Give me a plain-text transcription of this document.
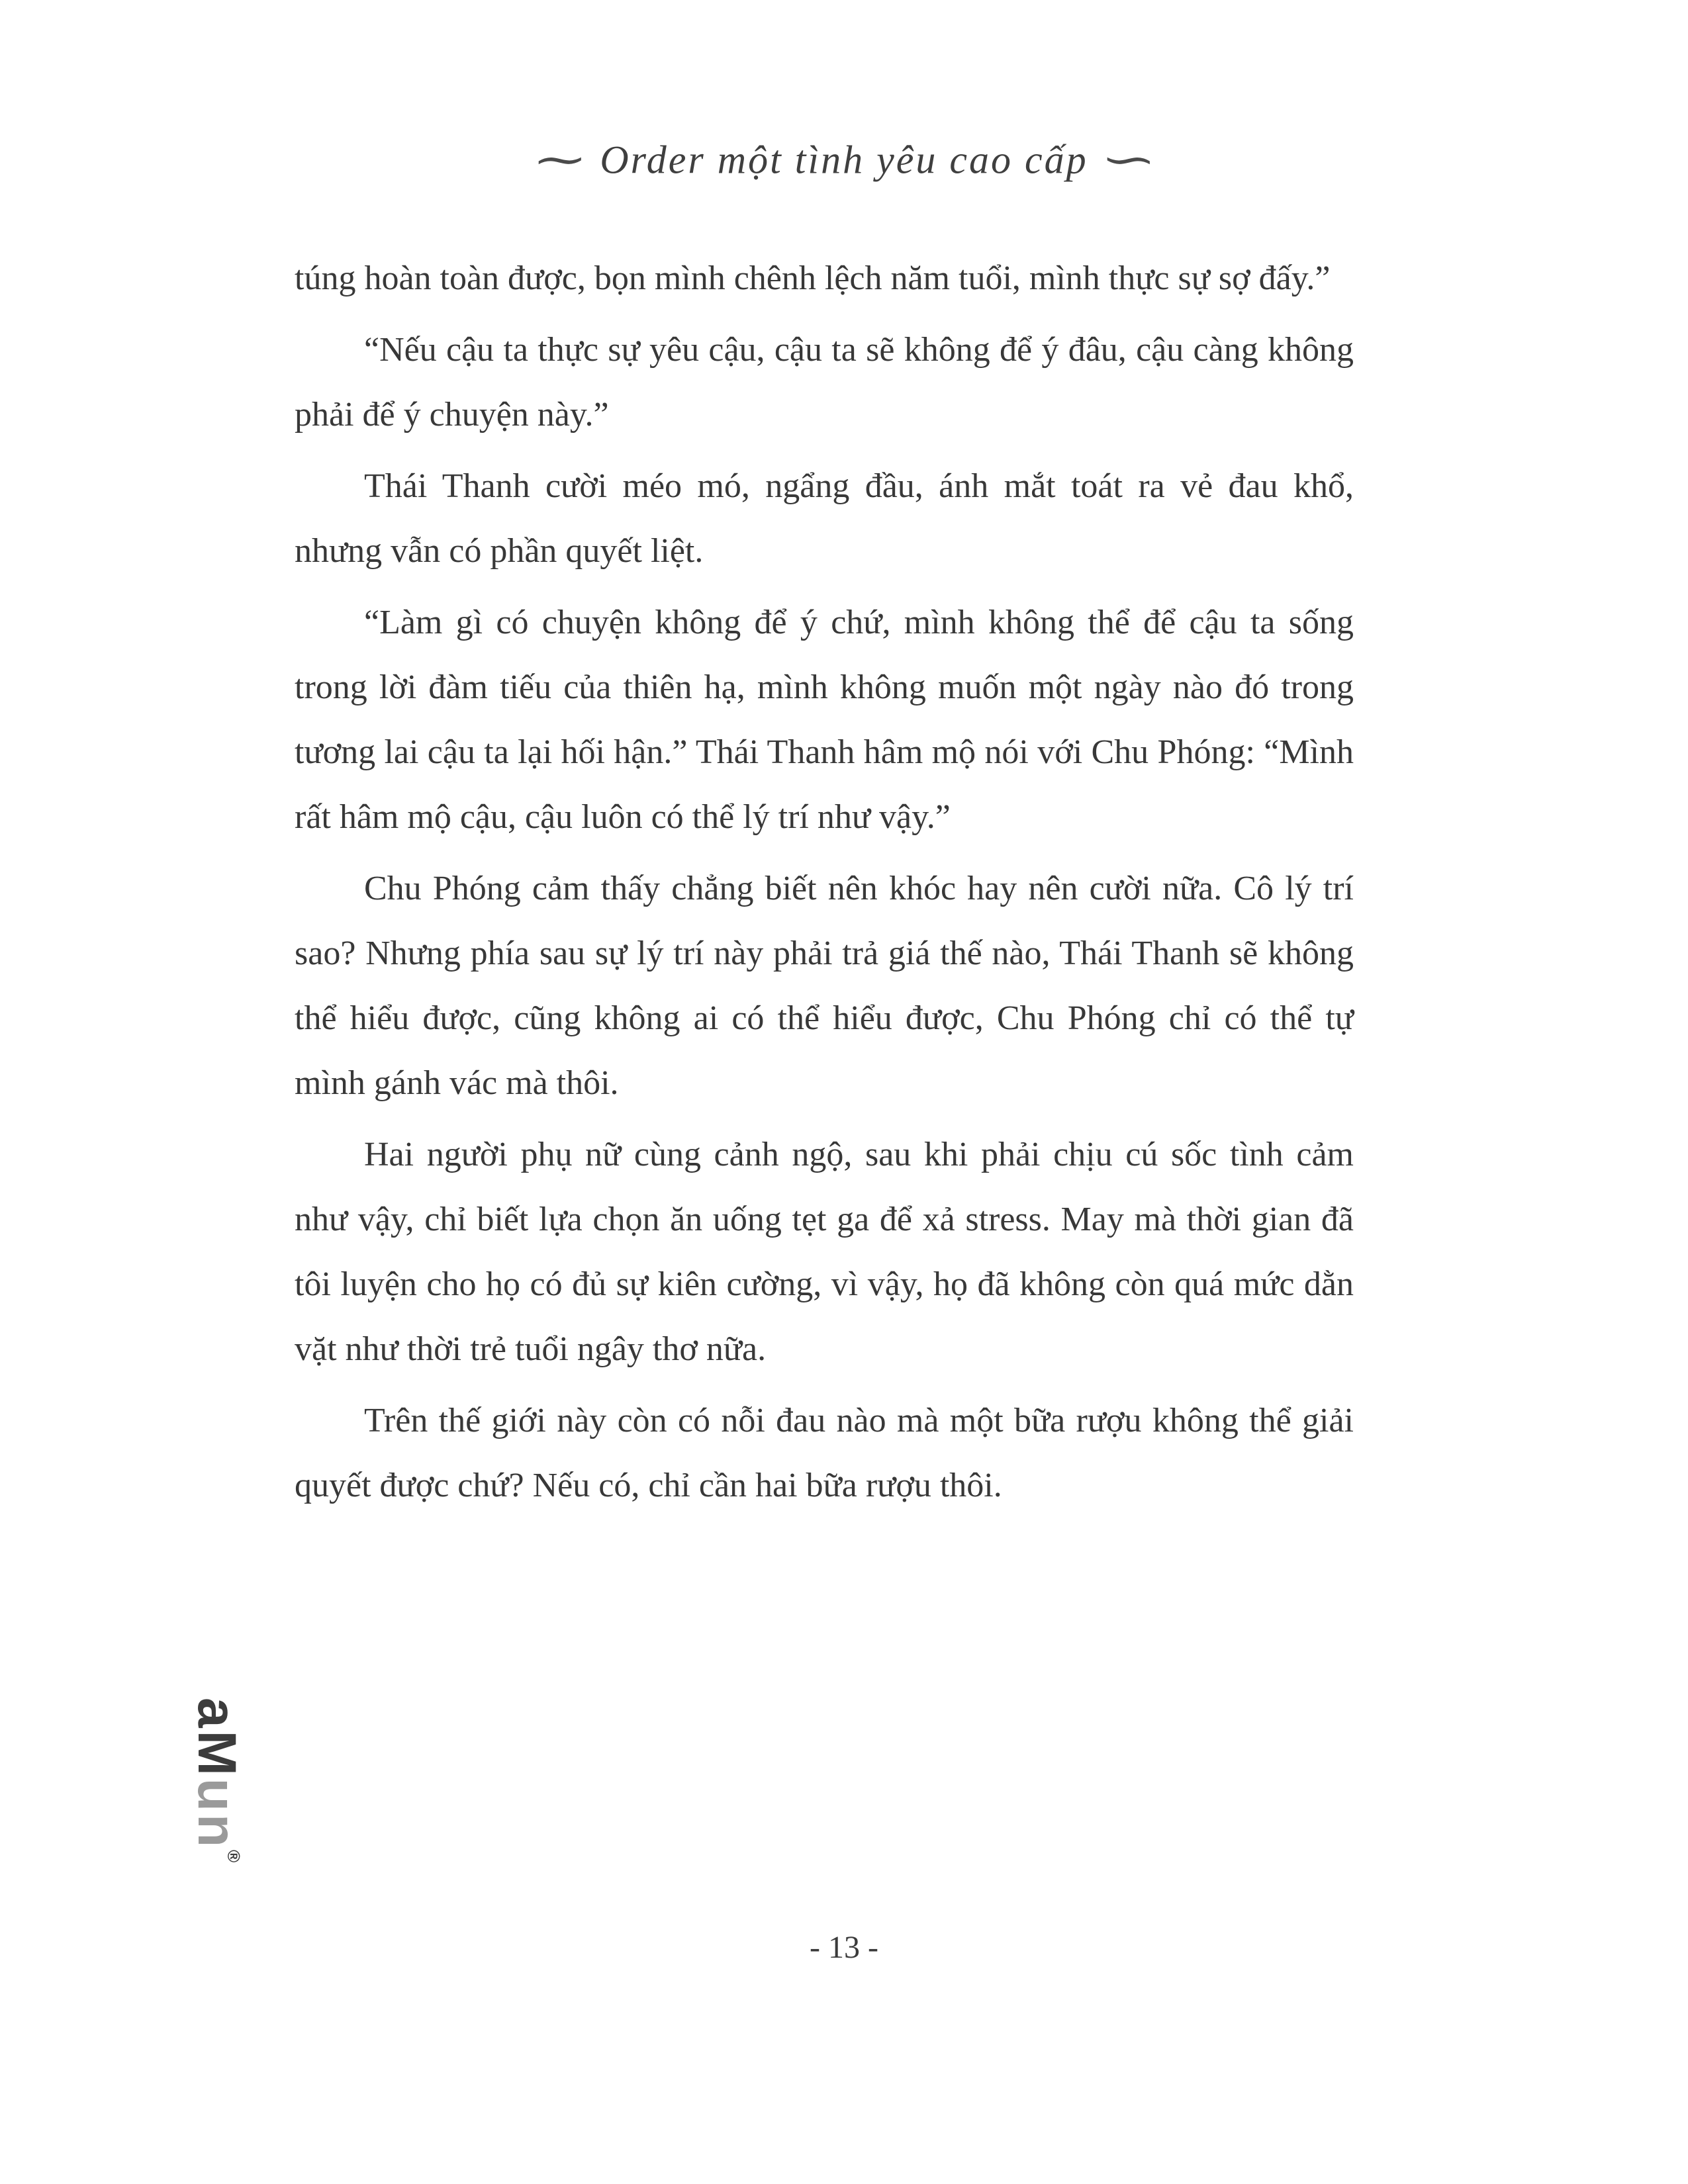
∼ Order một tình yêu cao cấp ∽

túng hoàn toàn được, bọn mình chênh lệch năm tuổi, mình thực sự sợ đấy.”

“Nếu cậu ta thực sự yêu cậu, cậu ta sẽ không để ý đâu, cậu càng không phải để ý chuyện này.”

Thái Thanh cười méo mó, ngẩng đầu, ánh mắt toát ra vẻ đau khổ, nhưng vẫn có phần quyết liệt.

“Làm gì có chuyện không để ý chứ, mình không thể để cậu ta sống trong lời đàm tiếu của thiên hạ, mình không muốn một ngày nào đó trong tương lai cậu ta lại hối hận.” Thái Thanh hâm mộ nói với Chu Phóng: “Mình rất hâm mộ cậu, cậu luôn có thể lý trí như vậy.”

Chu Phóng cảm thấy chẳng biết nên khóc hay nên cười nữa. Cô lý trí sao? Nhưng phía sau sự lý trí này phải trả giá thế nào, Thái Thanh sẽ không thể hiểu được, cũng không ai có thể hiểu được, Chu Phóng chỉ có thể tự mình gánh vác mà thôi.

Hai người phụ nữ cùng cảnh ngộ, sau khi phải chịu cú sốc tình cảm như vậy, chỉ biết lựa chọn ăn uống tẹt ga để xả stress. May mà thời gian đã tôi luyện cho họ có đủ sự kiên cường, vì vậy, họ đã không còn quá mức dằn vặt như thời trẻ tuổi ngây thơ nữa.

Trên thế giới này còn có nỗi đau nào mà một bữa rượu không thể giải quyết được chứ? Nếu có, chỉ cần hai bữa rượu thôi.

aMun®
- 13 -
